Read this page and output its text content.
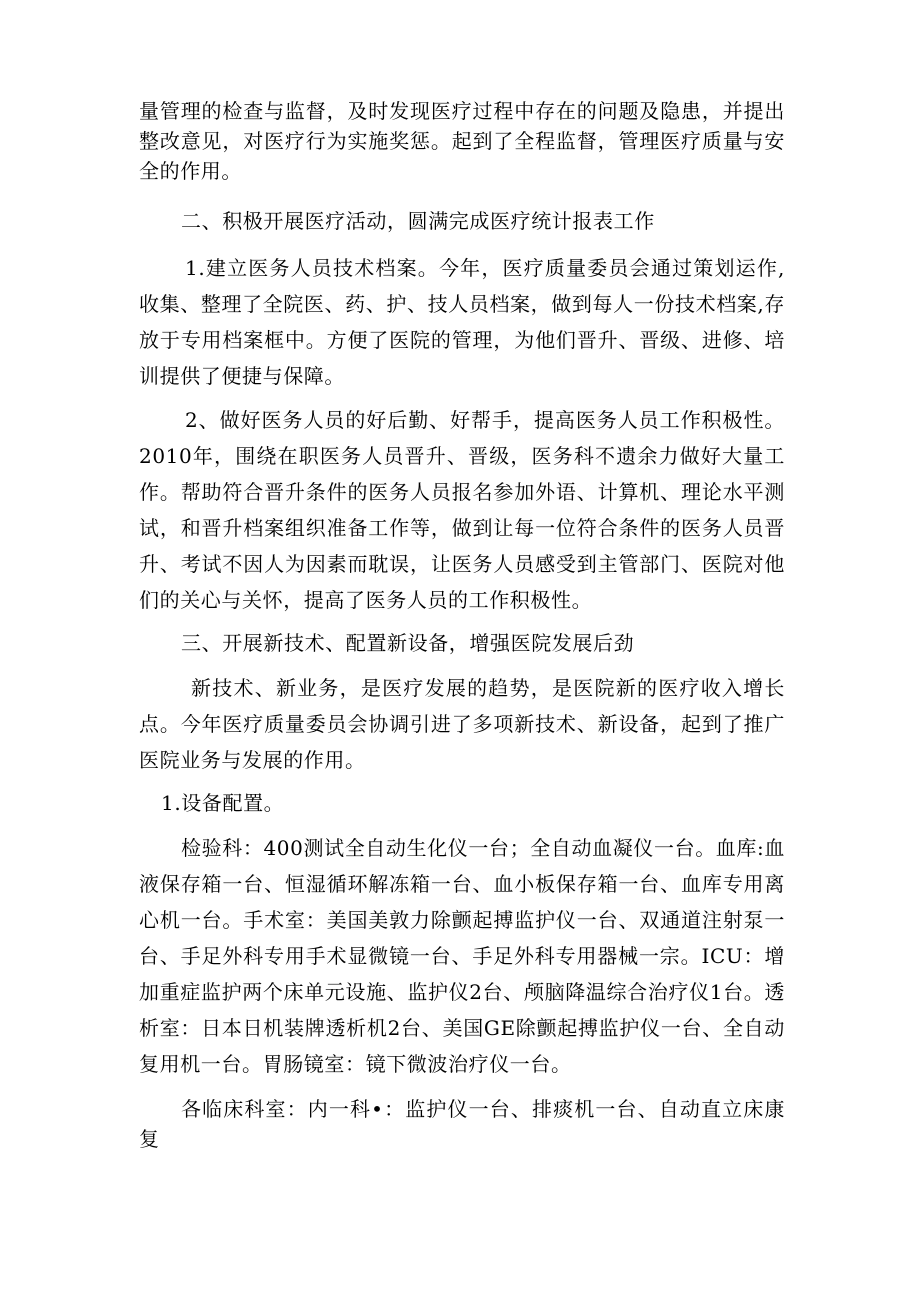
量管理的检查与监督，及时发现医疗过程中存在的问题及隐患，并提出整改意见，对医疗行为实施奖惩。起到了全程监督，管理医疗质量与安全的作用。

二、积极开展医疗活动，圆满完成医疗统计报表工作

1.建立医务人员技术档案。今年，医疗质量委员会通过策划运作,收集、整理了全院医、药、护、技人员档案，做到每人一份技术档案,存放于专用档案框中。方便了医院的管理，为他们晋升、晋级、进修、培训提供了便捷与保障。

2、做好医务人员的好后勤、好帮手，提高医务人员工作积极性。2010年，围绕在职医务人员晋升、晋级，医务科不遗余力做好大量工作。帮助符合晋升条件的医务人员报名参加外语、计算机、理论水平测试，和晋升档案组织准备工作等，做到让每一位符合条件的医务人员晋升、考试不因人为因素而耽误，让医务人员感受到主管部门、医院对他们的关心与关怀，提高了医务人员的工作积极性。

三、开展新技术、配置新设备，增强医院发展后劲

新技术、新业务，是医疗发展的趋势，是医院新的医疗收入增长点。今年医疗质量委员会协调引进了多项新技术、新设备，起到了推广医院业务与发展的作用。

1.设备配置。

检验科：400测试全自动生化仪一台；全自动血凝仪一台。血库:血液保存箱一台、恒湿循环解冻箱一台、血小板保存箱一台、血库专用离心机一台。手术室：美国美敦力除颤起搏监护仪一台、双通道注射泵一台、手足外科专用手术显微镜一台、手足外科专用器械一宗。ICU：增加重症监护两个床单元设施、监护仪2台、颅脑降温综合治疗仪1台。透析室：日本日机装牌透析机2台、美国GE除颤起搏监护仪一台、全自动复用机一台。胃肠镜室：镜下微波治疗仪一台。

各临床科室：内一科•：监护仪一台、排痰机一台、自动直立床康复
